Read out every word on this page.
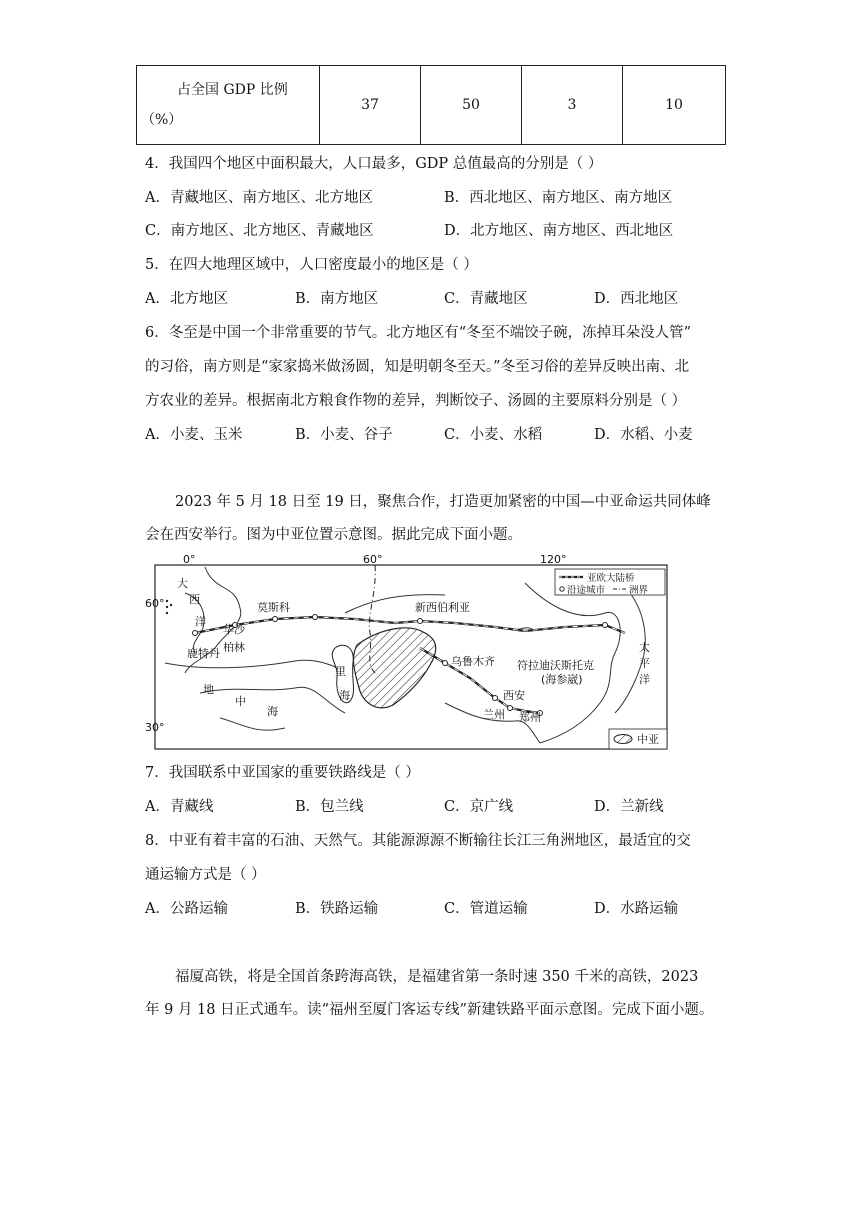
占全国 GDP 比例
（%）
	37	50	3	10
4．我国四个地区中面积最大，人口最多，GDP 总值最高的分别是（ ）
A．青藏地区、南方地区、北方地区	B．西北地区、南方地区、南方地区
C．南方地区、北方地区、青藏地区	D．北方地区、南方地区、西北地区
5．在四大地理区域中，人口密度最小的地区是（ ）
A．北方地区	B．南方地区	C．青藏地区	D．西北地区
6．冬至是中国一个非常重要的节气。北方地区有“冬至不端饺子碗，冻掉耳朵没人管”
的习俗，南方则是“家家捣米做汤圆，知是明朝冬至天。”冬至习俗的差异反映出南、北
方农业的差异。根据南北方粮食作物的差异，判断饺子、汤圆的主要原料分别是（ ）
A．小麦、玉米	B．小麦、谷子	C．小麦、水稻	D．水稻、小麦
2023 年 5 月 18 日至 19 日，聚焦合作，打造更加紧密的中国—中亚命运共同体峰
会在西安举行。图为中亚位置示意图。据此完成下面小题。
0°	60°	120°
60°
30°
大
西
洋
莫斯科
华沙
柏林
鹿特丹
新西伯利亚
里
海
地
中
海
乌鲁木齐 符拉迪沃斯托克
(海参崴)
太
平
洋
西安
兰州 郑州
亚欧大陆桥
沿途城市	洲界
中亚
7．我国联系中亚国家的重要铁路线是（ ）
A．青藏线	B．包兰线	C．京广线	D．兰新线
8．中亚有着丰富的石油、天然气。其能源源源不断输往长江三角洲地区，最适宜的交
通运输方式是（ ）
A．公路运输	B．铁路运输	C．管道运输	D．水路运输
福厦高铁，将是全国首条跨海高铁，是福建省第一条时速 350 千米的高铁，2023
年 9 月 18 日正式通车。读“福州至厦门客运专线”新建铁路平面示意图。完成下面小题。
